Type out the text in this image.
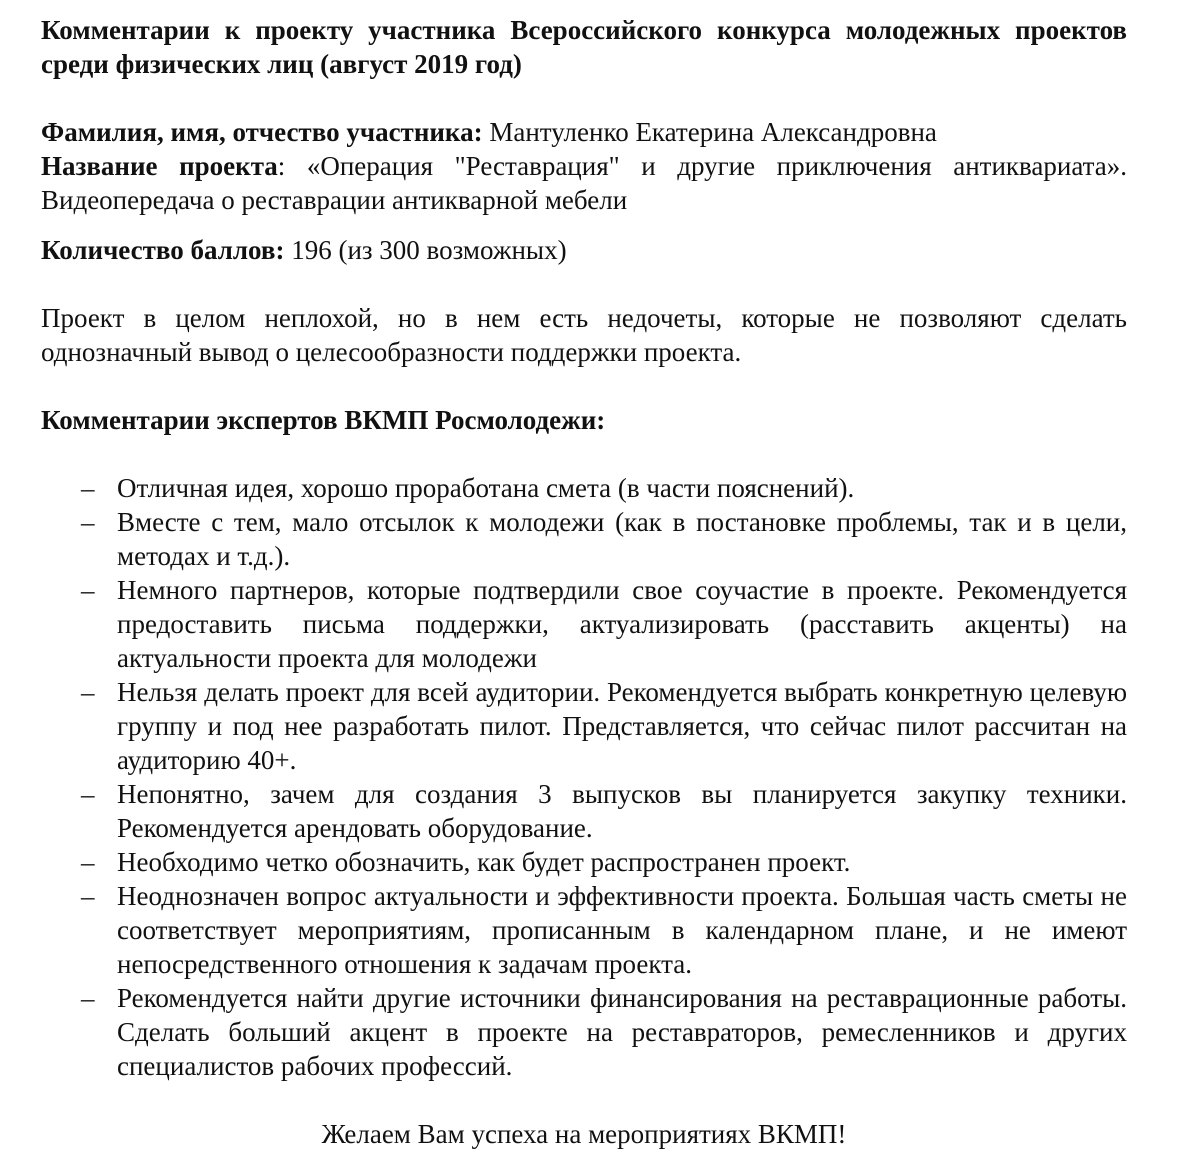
Комментарии к проекту участника Всероссийского конкурса молодежных проектов среди физических лиц (август 2019 год)

Фамилия, имя, отчество участника: Мантуленко Екатерина Александровна

Название проекта: «Операция "Реставрация" и другие приключения антиквариата». Видеопередача о реставрации антикварной мебели

Количество баллов: 196 (из 300 возможных)

Проект в целом неплохой, но в нем есть недочеты, которые не позволяют сделать однозначный вывод о целесообразности поддержки проекта.

Комментарии экспертов ВКМП Росмолодежи:

– Отличная идея, хорошо проработана смета (в части пояснений).
– Вместе с тем, мало отсылок к молодежи (как в постановке проблемы, так и в цели, методах и т.д.).
– Немного партнеров, которые подтвердили свое соучастие в проекте. Рекомендуется предоставить письма поддержки, актуализировать (расставить акценты) на актуальности проекта для молодежи
– Нельзя делать проект для всей аудитории. Рекомендуется выбрать конкретную целевую группу и под нее разработать пилот. Представляется, что сейчас пилот рассчитан на аудиторию 40+.
– Непонятно, зачем для создания 3 выпусков вы планируется закупку техники. Рекомендуется арендовать оборудование.
– Необходимо четко обозначить, как будет распространен проект.
– Неоднозначен вопрос актуальности и эффективности проекта. Большая часть сметы не соответствует мероприятиям, прописанным в календарном плане, и не имеют непосредственного отношения к задачам проекта.
– Рекомендуется найти другие источники финансирования на реставрационные работы. Сделать больший акцент в проекте на реставраторов, ремесленников и других специалистов рабочих профессий.

Желаем Вам успеха на мероприятиях ВКМП!
